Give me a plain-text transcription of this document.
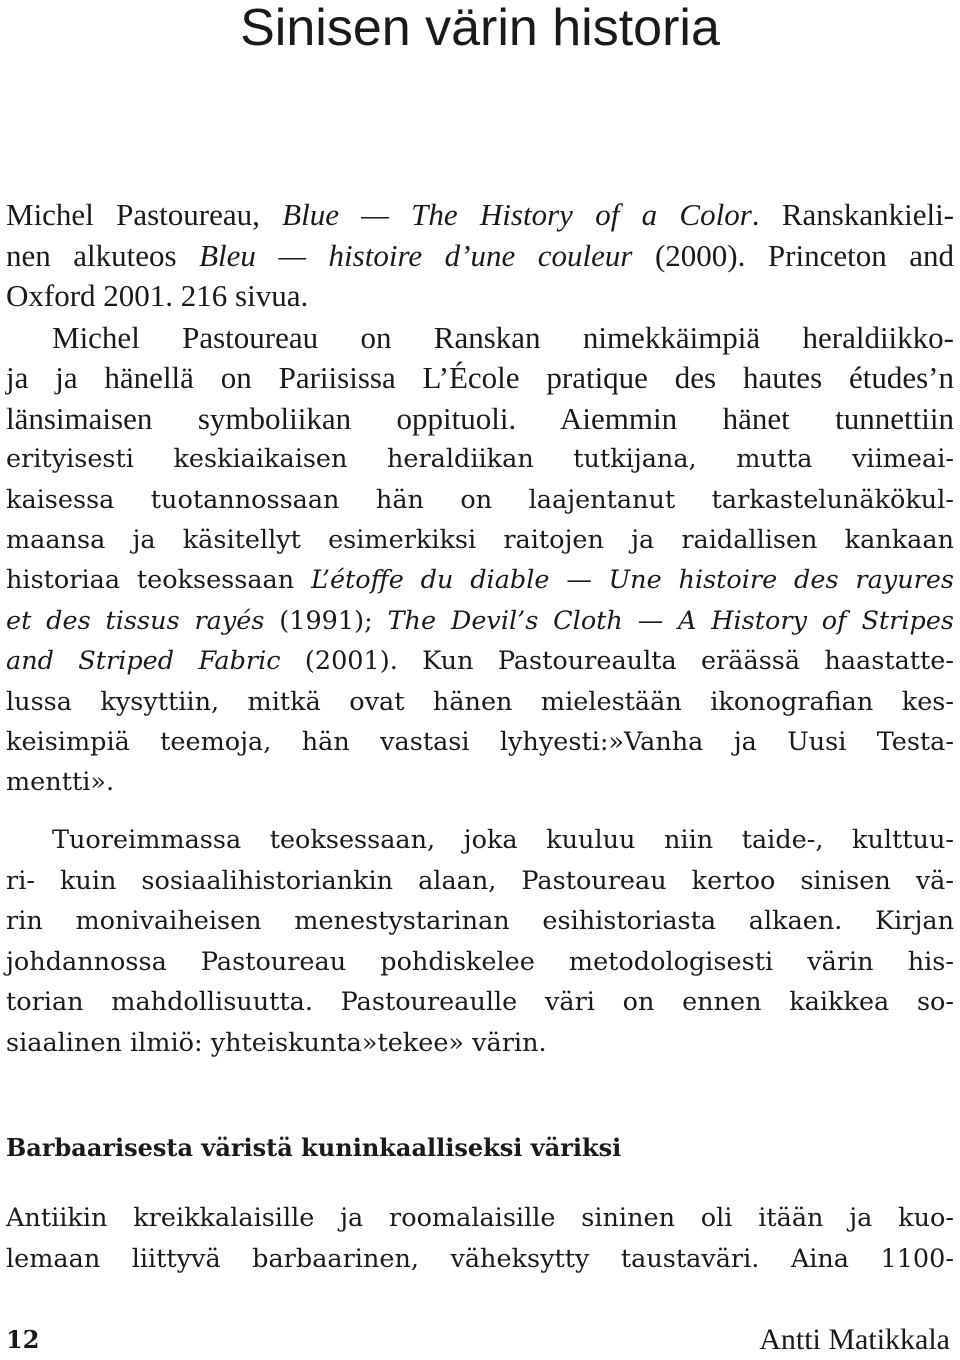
Sinisen värin historia
Michel Pastoureau, Blue — The History of a Color. Ranskankieli-
nen alkuteos Bleu — histoire d’une couleur (2000). Princeton and
Oxford 2001. 216 sivua.
Michel Pastoureau on Ranskan nimekkäimpiä heraldiikko-
ja ja hänellä on Pariisissa L’École pratique des hautes études’n
länsimaisen symboliikan oppituoli. Aiemmin hänet tunnettiin
erityisesti keskiaikaisen heraldiikan tutkijana, mutta viimeai-
kaisessa tuotannossaan hän on laajentanut tarkastelunäkökul-
maansa ja käsitellyt esimerkiksi raitojen ja raidallisen kankaan
historiaa teoksessaan L’étoffe du diable — Une histoire des rayures
et des tissus rayés (1991); The Devil’s Cloth — A History of Stripes
and Striped Fabric (2001). Kun Pastoureaulta eräässä haastatte-
lussa kysyttiin, mitkä ovat hänen mielestään ikonografian kes-
keisimpiä teemoja, hän vastasi lyhyesti:»Vanha ja Uusi Testa-
mentti».
Tuoreimmassa teoksessaan, joka kuuluu niin taide-, kulttuu-
ri- kuin sosiaalihistoriankin alaan, Pastoureau kertoo sinisen vä-
rin monivaiheisen menestystarinan esihistoriasta alkaen. Kirjan
johdannossa Pastoureau pohdiskelee metodologisesti värin his-
torian mahdollisuutta. Pastoureaulle väri on ennen kaikkea so-
siaalinen ilmiö: yhteiskunta»tekee» värin.
Barbaarisesta väristä kuninkaalliseksi väriksi
Antiikin kreikkalaisille ja roomalaisille sininen oli itään ja kuo-
lemaan liittyvä barbaarinen, väheksytty taustaväri. Aina 1100-
12	Antti Matikkala
